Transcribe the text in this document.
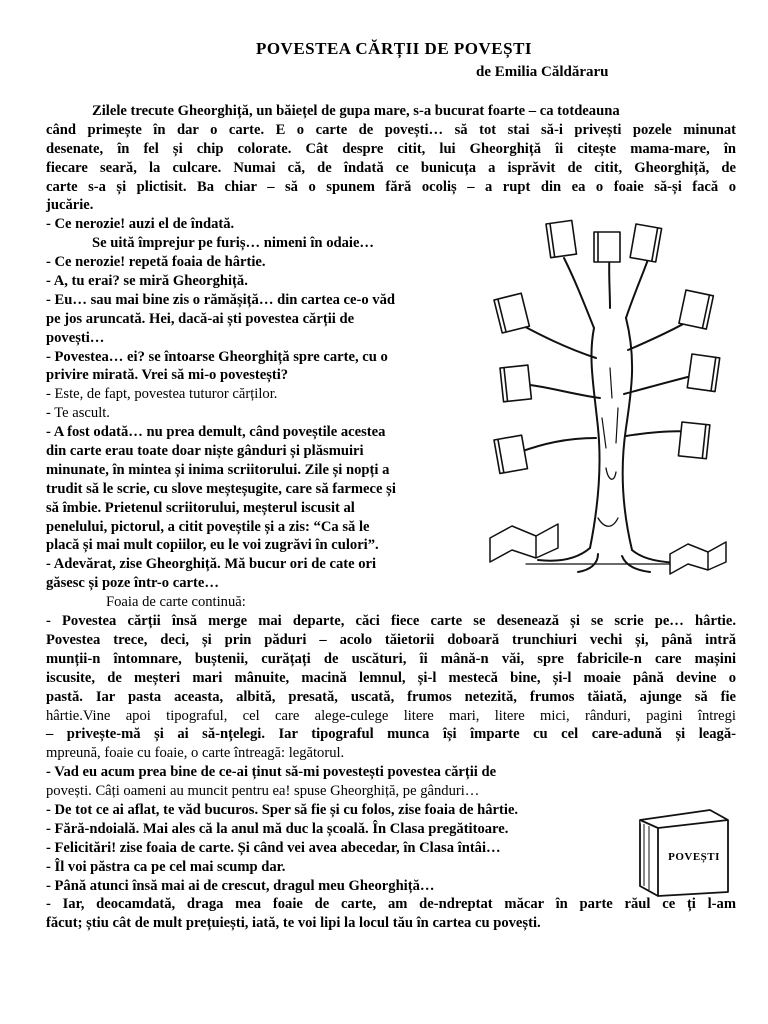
POVESTEA CĂRȚII DE POVEȘTI
de Emilia Căldăraru

Zilele trecute Gheorghiță, un băiețel de gupa mare, s-a bucurat foarte – ca totdeauna

când primește în dar o carte. E o carte de povești… să tot stai să-i privești pozele minunat

desenate, în fel și chip colorate. Cât despre citit, lui Gheorghiță îi citește mama-mare, în

fiecare seară, la culcare. Numai că, de îndată ce bunicuța a isprăvit de citit, Gheorghiță, de

carte s-a și plictisit. Ba chiar – să o spunem fără ocoliș – a rupt din ea o foaie să-și facă o

jucărie.

- Ce nerozie! auzi el de îndată.

Se uită împrejur pe furiș… nimeni în odaie…

- Ce nerozie! repetă foaia de hârtie.

- A, tu erai? se miră Gheorghiță.

- Eu… sau mai bine zis o rămășiță… din cartea ce-o văd

pe jos aruncată. Hei, dacă-ai ști povestea cărții de

povești…

- Povestea… ei? se întoarse Gheorghiță spre carte, cu o

privire mirată. Vrei să mi-o povestești?

- Este, de fapt, povestea tuturor cărților.

- Te ascult.

- A fost odată… nu prea demult, când poveștile acestea

din carte erau toate doar niște gânduri și plăsmuiri

minunate, în mintea și inima scriitorului. Zile și nopți a

trudit să le scrie, cu slove meșteșugite, care să farmece și

să îmbie. Prietenul scriitorului, meșterul iscusit al

penelului, pictorul, a citit poveștile și a zis: “Ca să le

placă și mai mult copiilor, eu le voi zugrăvi în culori”.

- Adevărat, zise Gheorghiță. Mă bucur ori de cate ori

găsesc și poze într-o carte…

Foaia de carte continuă:

- Povestea cărții însă merge mai departe, căci fiece carte se desenează și se scrie pe… hârtie.

Povestea trece, deci, și prin păduri – acolo tăietorii doboară trunchiuri vechi și, până intră

munții-n întomnare, buștenii, curățați de uscături, îi mână-n văi, spre fabricile-n care mașini

iscusite, de meșteri mari mânuite, macină lemnul, și-l mestecă bine, și-l moaie până devine o

pastă. Iar pasta aceasta, albită, presată, uscată, frumos netezită, frumos tăiată, ajunge să fie

hârtie.Vine apoi tipograful, cel care alege-culege litere mari, litere mici, rânduri, pagini întregi

– privește-mă și ai să-nțelegi. Iar tipograful munca își împarte cu cel care-adună și leagă-

mpreună, foaie cu foaie, o carte întreagă: legătorul.

- Vad eu acum prea bine de ce-ai ținut să-mi povestești povestea cărții de

povești. Câți oameni au muncit pentru ea! spuse Gheorghiță, pe gânduri…

- De tot ce ai aflat, te văd bucuros. Sper să fie și cu folos, zise foaia de hârtie.

- Fără-ndoială. Mai ales că la anul mă duc la școală. În Clasa pregătitoare.

- Felicitări! zise foaia de carte. Și când vei avea abecedar, în Clasa întâi…

- Îl voi păstra ca pe cel mai scump dar.

- Până atunci însă mai ai de crescut, dragul meu Gheorghiță…

- Iar, deocamdată, draga mea foaie de carte, am de-ndreptat măcar în parte răul ce ți l-am

făcut; știu cât de mult prețuiești, iată, te voi lipi la locul tău în cartea cu povești.

POVEȘTI
